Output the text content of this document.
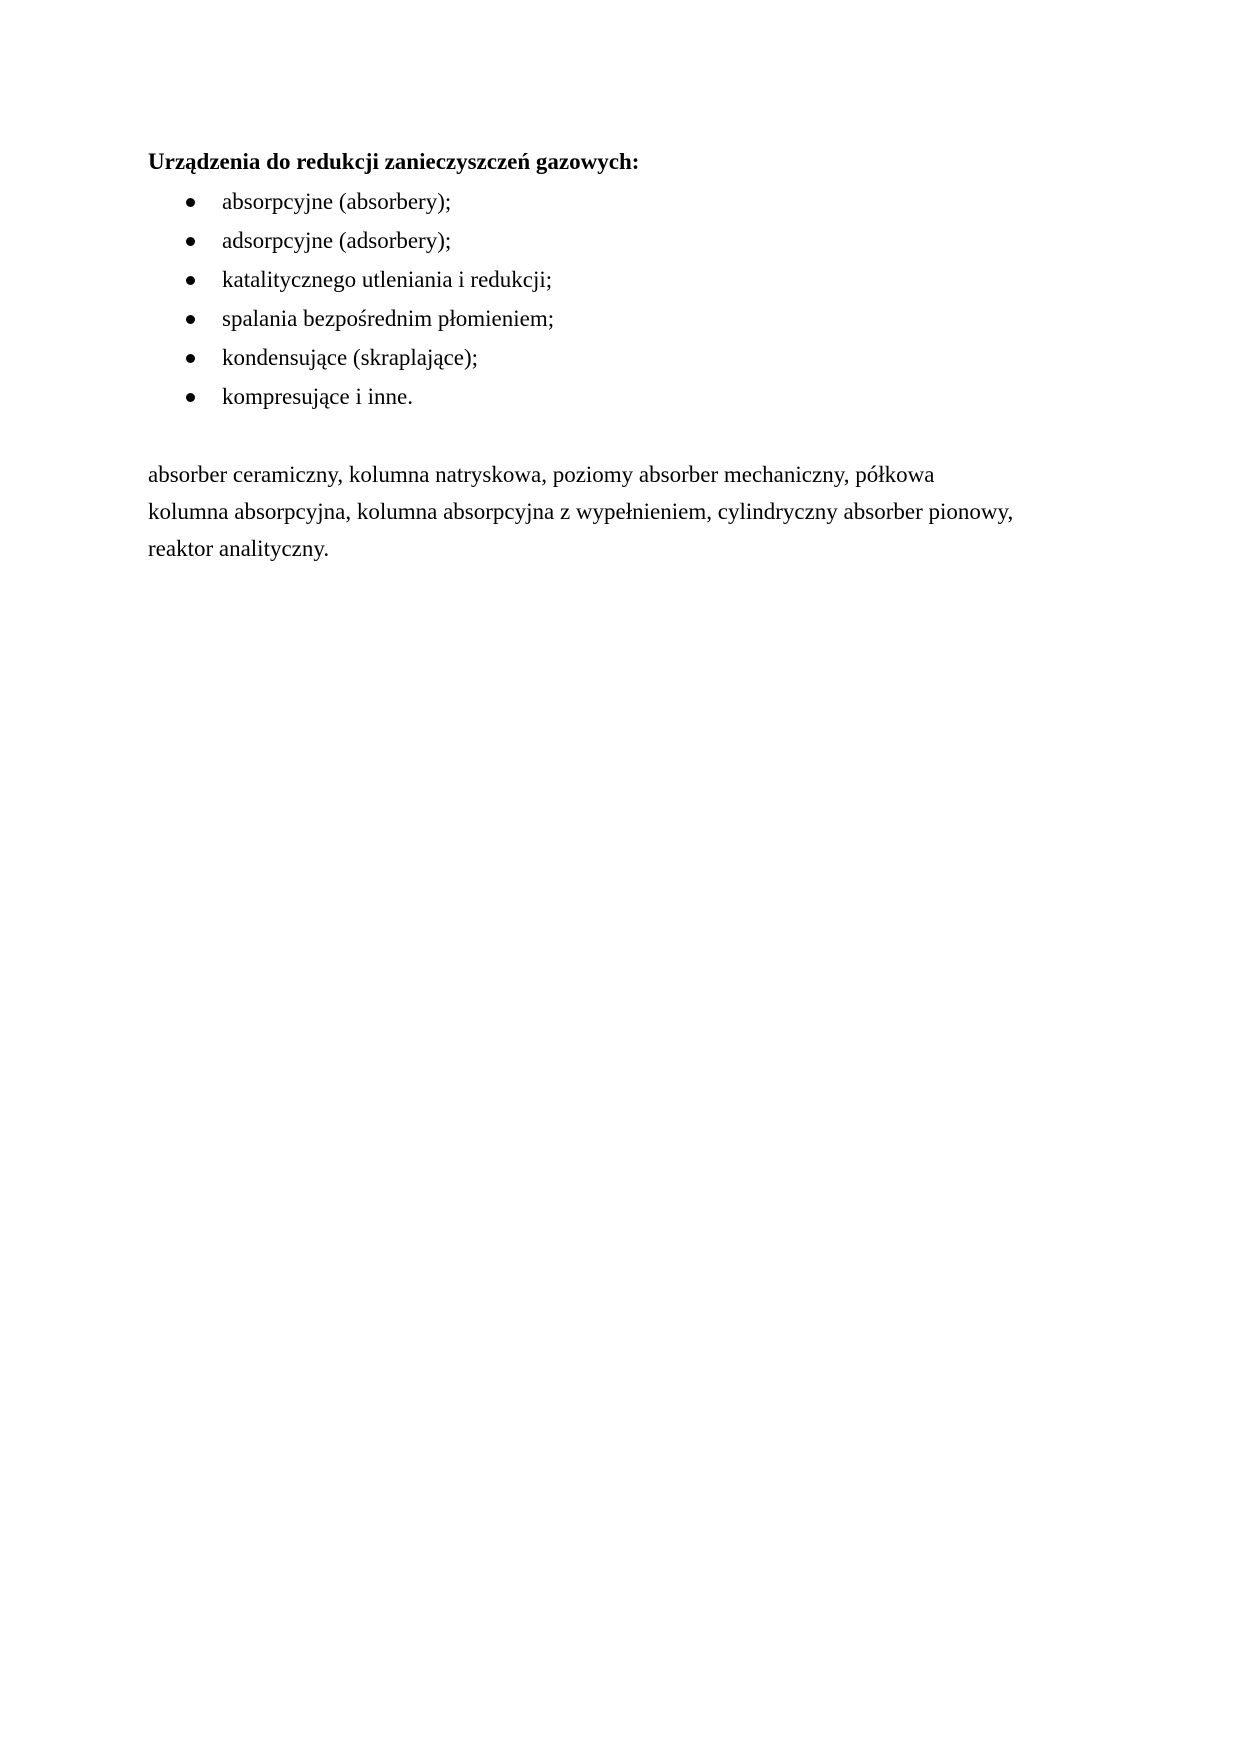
Urządzenia do redukcji zanieczyszczeń gazowych:
absorpcyjne (absorbery);
adsorpcyjne (adsorbery);
katalitycznego utleniania i redukcji;
spalania bezpośrednim płomieniem;
kondensujące (skraplające);
kompresujące i inne.

absorber ceramiczny, kolumna natryskowa, poziomy absorber mechaniczny, półkowa
kolumna absorpcyjna, kolumna absorpcyjna z wypełnieniem, cylindryczny absorber pionowy,
reaktor analityczny.
